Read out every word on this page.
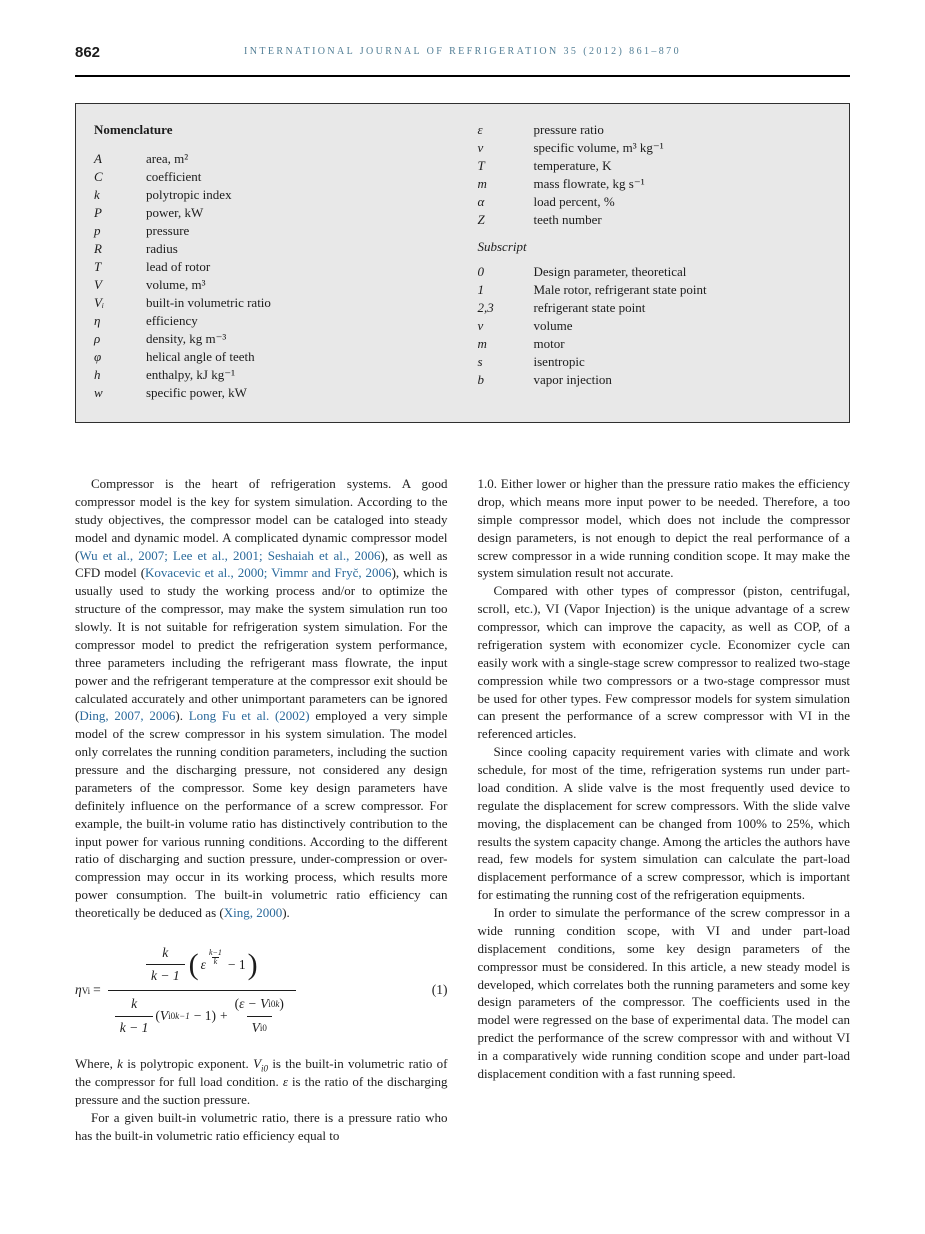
862	INTERNATIONAL JOURNAL OF REFRIGERATION 35 (2012) 861–870
Nomenclature
A	area, m²
C	coefficient
k	polytropic index
P	power, kW
p	pressure
R	radius
T	lead of rotor
V	volume, m³
Vᵢ	built-in volumetric ratio
η	efficiency
ρ	density, kg m⁻³
φ	helical angle of teeth
h	enthalpy, kJ kg⁻¹
w	specific power, kW
ε	pressure ratio
v	specific volume, m³ kg⁻¹
T	temperature, K
m	mass flowrate, kg s⁻¹
α	load percent, %
Z	teeth number
Subscript
0	Design parameter, theoretical
1	Male rotor, refrigerant state point
2,3	refrigerant state point
v	volume
m	motor
s	isentropic
b	vapor injection

Compressor is the heart of refrigeration systems. A good compressor model is the key for system simulation. According to the study objectives, the compressor model can be cataloged into steady model and dynamic model. A complicated dynamic compressor model (Wu et al., 2007; Lee et al., 2001; Seshaiah et al., 2006), as well as CFD model (Kovacevic et al., 2000; Vimmr and Fryč, 2006), which is usually used to study the working process and/or to optimize the structure of the compressor, may make the system simulation run too slowly. It is not suitable for refrigeration system simulation. For the compressor model to predict the refrigeration system performance, three parameters including the refrigerant mass flowrate, the input power and the refrigerant temperature at the compressor exit should be calculated accurately and other unimportant parameters can be ignored (Ding, 2007, 2006). Long Fu et al. (2002) employed a very simple model of the screw compressor in his system simulation. The model only correlates the running condition parameters, including the suction pressure and the discharging pressure, not considered any design parameters of the compressor. Some key design parameters have definitely influence on the performance of a screw compressor. For example, the built-in volume ratio has distinctively contribution to the input power for various running conditions. According to the different ratio of discharging and suction pressure, under-compression or over-compression may occur in its working process, which results more power consumption. The built-in volumetric ratio efficiency can theoretically be deduced as (Xing, 2000).

η Vi =
$\frac{k}{k - 1}$ ( ε $\frac{k-1}{k} - 1$ )
$\frac{k}{k - 1}$ ( V i0 k−1 − 1 ) + $\frac{\text{( ε − V i0 k )}}{\text{V i0}}$
(1)

Where, k is polytropic exponent. $V_{i0}$ is the built-in volumetric ratio of the compressor for full load condition. ε is the ratio of the discharging pressure and the suction pressure.

For a given built-in volumetric ratio, there is a pressure ratio who has the built-in volumetric ratio efficiency equal to

1.0. Either lower or higher than the pressure ratio makes the efficiency drop, which means more input power to be needed. Therefore, a too simple compressor model, which does not include the compressor design parameters, is not enough to depict the real performance of a screw compressor in a wide running condition scope. It may make the system simulation result not accurate.

Compared with other types of compressor (piston, centrifugal, scroll, etc.), VI (Vapor Injection) is the unique advantage of a screw compressor, which can improve the capacity, as well as COP, of a refrigeration system with economizer cycle. Economizer cycle can easily work with a single-stage screw compressor to realized two-stage compression while two compressors or a two-stage compressor must be used for other types. Few compressor models for system simulation can present the performance of a screw compressor with VI in the referenced articles.

Since cooling capacity requirement varies with climate and work schedule, for most of the time, refrigeration systems run under part-load condition. A slide valve is the most frequently used device to regulate the displacement for screw compressors. With the slide valve moving, the displacement can be changed from 100% to 25%, which results the system capacity change. Among the articles the authors have read, few models for system simulation can calculate the part-load displacement performance of a screw compressor, which is important for estimating the running cost of the refrigeration equipments.

In order to simulate the performance of the screw compressor in a wide running condition scope, with VI and under part-load displacement conditions, some key design parameters of the compressor must be considered. In this article, a new steady model is developed, which correlates both the running parameters and some key design parameters of the compressor. The coefficients used in the model were regressed on the base of experimental data. The model can predict the performance of the screw compressor with and without VI in a comparatively wide running condition scope and under part-load displacement condition with a fast running speed.
